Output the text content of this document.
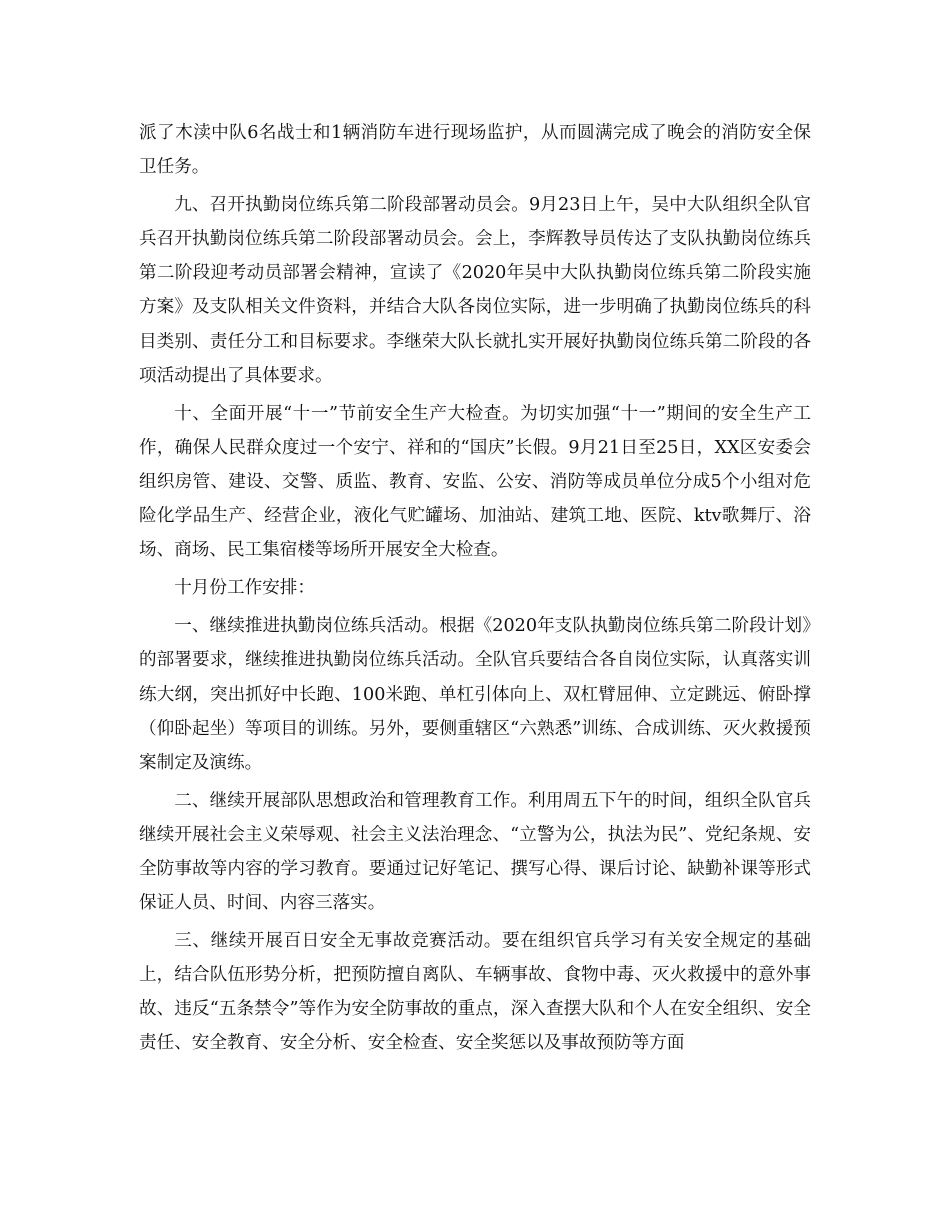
派了木渎中队6名战士和1辆消防车进行现场监护，从而圆满完成了晚会的消防安全保卫任务。

九、召开执勤岗位练兵第二阶段部署动员会。9月23日上午，吴中大队组织全队官兵召开执勤岗位练兵第二阶段部署动员会。会上，李辉教导员传达了支队执勤岗位练兵第二阶段迎考动员部署会精神，宣读了《2020年吴中大队执勤岗位练兵第二阶段实施方案》及支队相关文件资料，并结合大队各岗位实际，进一步明确了执勤岗位练兵的科目类别、责任分工和目标要求。李继荣大队长就扎实开展好执勤岗位练兵第二阶段的各项活动提出了具体要求。

十、全面开展“十一”节前安全生产大检查。为切实加强“十一”期间的安全生产工作，确保人民群众度过一个安宁、祥和的“国庆”长假。9月21日至25日，XX区安委会组织房管、建设、交警、质监、教育、安监、公安、消防等成员单位分成5个小组对危险化学品生产、经营企业，液化气贮罐场、加油站、建筑工地、医院、ktv歌舞厅、浴场、商场、民工集宿楼等场所开展安全大检查。

十月份工作安排：

一、继续推进执勤岗位练兵活动。根据《2020年支队执勤岗位练兵第二阶段计划》的部署要求，继续推进执勤岗位练兵活动。全队官兵要结合各自岗位实际，认真落实训练大纲，突出抓好中长跑、100米跑、单杠引体向上、双杠臂屈伸、立定跳远、俯卧撑（仰卧起坐）等项目的训练。另外，要侧重辖区“六熟悉”训练、合成训练、灭火救援预案制定及演练。

二、继续开展部队思想政治和管理教育工作。利用周五下午的时间，组织全队官兵继续开展社会主义荣辱观、社会主义法治理念、“立警为公，执法为民”、党纪条规、安全防事故等内容的学习教育。要通过记好笔记、撰写心得、课后讨论、缺勤补课等形式保证人员、时间、内容三落实。

三、继续开展百日安全无事故竞赛活动。要在组织官兵学习有关安全规定的基础上，结合队伍形势分析，把预防擅自离队、车辆事故、食物中毒、灭火救援中的意外事故、违反“五条禁令”等作为安全防事故的重点，深入查摆大队和个人在安全组织、安全责任、安全教育、安全分析、安全检查、安全奖惩以及事故预防等方面
